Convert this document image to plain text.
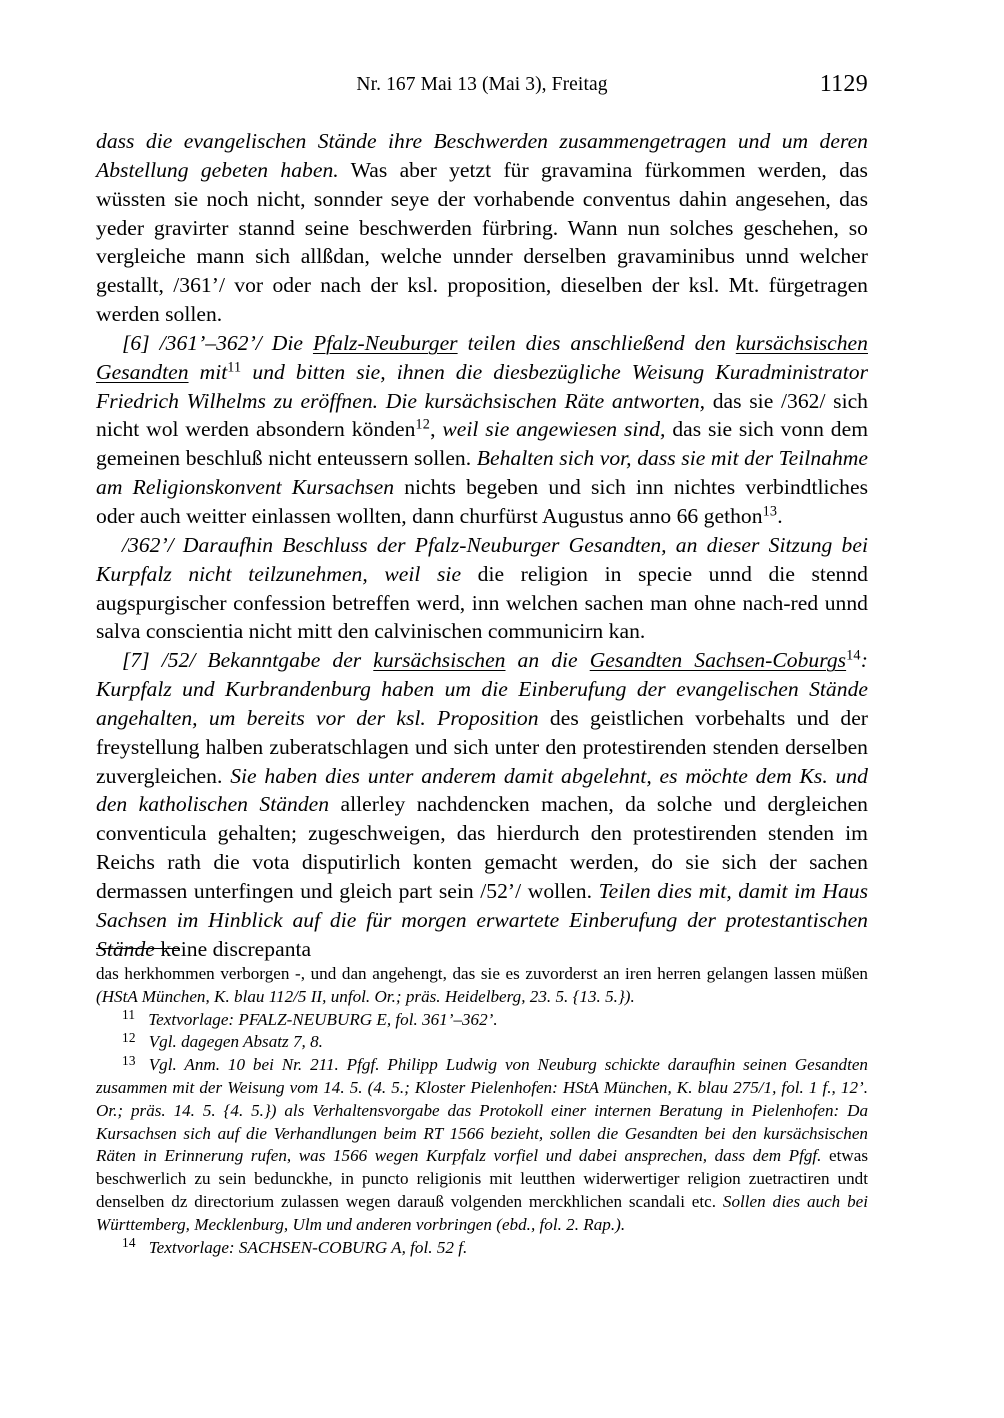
Nr. 167 Mai 13 (Mai 3), Freitag	1129

dass die evangelischen Stände ihre Beschwerden zusammengetragen und um deren Abstellung gebeten haben. Was aber yetzt für gravamina fürkommen werden, das wüssten sie noch nicht, sonnder seye der vorhabende conventus dahin angesehen, das yeder gravirter stannd seine beschwerden fürbring. Wann nun solches geschehen, so vergleiche mann sich allßdan, welche unnder derselben gravaminibus unnd welcher gestallt, /361’/ vor oder nach der ksl. proposition, dieselben der ksl. Mt. fürgetragen werden sollen.

[6] /361’–362’/ Die Pfalz-Neuburger teilen dies anschließend den kursächsischen Gesandten mit$^{11}$ und bitten sie, ihnen die diesbezügliche Weisung Kuradministrator Friedrich Wilhelms zu eröffnen. Die kursächsischen Räte antworten, das sie /362/ sich nicht wol werden absondern könden$^{12}$, weil sie angewiesen sind, das sie sich vonn dem gemeinen beschluß nicht enteussern sollen. Behalten sich vor, dass sie mit der Teilnahme am Religionskonvent Kursachsen nichts begeben und sich inn nichtes verbindtliches oder auch weitter einlassen wollten, dann churfürst Augustus anno 66 gethon$^{13}$.

/362’/ Daraufhin Beschluss der Pfalz-Neuburger Gesandten, an dieser Sitzung bei Kurpfalz nicht teilzunehmen, weil sie die religion in specie unnd die stennd augspurgischer confession betreffen werd, inn welchen sachen man ohne nach-red unnd salva conscientia nicht mitt den calvinischen communicirn kan.

[7] /52/ Bekanntgabe der kursächsischen an die Gesandten Sachsen-Coburgs$^{14}$: Kurpfalz und Kurbrandenburg haben um die Einberufung der evangelischen Stände angehalten, um bereits vor der ksl. Proposition des geistlichen vorbehalts und der freystellung halben zuberatschlagen und sich unter den protestirenden stenden derselben zuvergleichen. Sie haben dies unter anderem damit abgelehnt, es möchte dem Ks. und den katholischen Ständen allerley nachdencken machen, da solche und dergleichen conventicula gehalten; zugeschweigen, das hierdurch den protestirenden stenden im Reichs rath die vota disputirlich konten gemacht werden, do sie sich der sachen dermassen unterfingen und gleich part sein /52’/ wollen. Teilen dies mit, damit im Haus Sachsen im Hinblick auf die für morgen erwartete Einberufung der protestantischen Stände keine discrepanta

das herkhommen verborgen -, und dan angehengt, das sie es zuvorderst an iren herren gelangen lassen müßen (HStA München, K. blau 112/5 II, unfol. Or.; präs. Heidelberg, 23. 5. {13. 5.}).

$^{11}$ Textvorlage: PFALZ-NEUBURG E, fol. 361’–362’.

$^{12}$ Vgl. dagegen Absatz 7, 8.

$^{13}$ Vgl. Anm. 10 bei Nr. 211. Pfgf. Philipp Ludwig von Neuburg schickte daraufhin seinen Gesandten zusammen mit der Weisung vom 14. 5. (4. 5.; Kloster Pielenhofen: HStA München, K. blau 275/1, fol. 1 f., 12’. Or.; präs. 14. 5. {4. 5.}) als Verhaltensvorgabe das Protokoll einer internen Beratung in Pielenhofen: Da Kursachsen sich auf die Verhandlungen beim RT 1566 bezieht, sollen die Gesandten bei den kursächsischen Räten in Erinnerung rufen, was 1566 wegen Kurpfalz vorfiel und dabei ansprechen, dass dem Pfgf. etwas beschwerlich zu sein bedunckhe, in puncto religionis mit leutthen widerwertiger religion zuetractiren undt denselben dz directorium zulassen wegen darauß volgenden merckhlichen scandali etc. Sollen dies auch bei Württemberg, Mecklenburg, Ulm und anderen vorbringen (ebd., fol. 2. Rap.).

$^{14}$ Textvorlage: SACHSEN-COBURG A, fol. 52 f.
